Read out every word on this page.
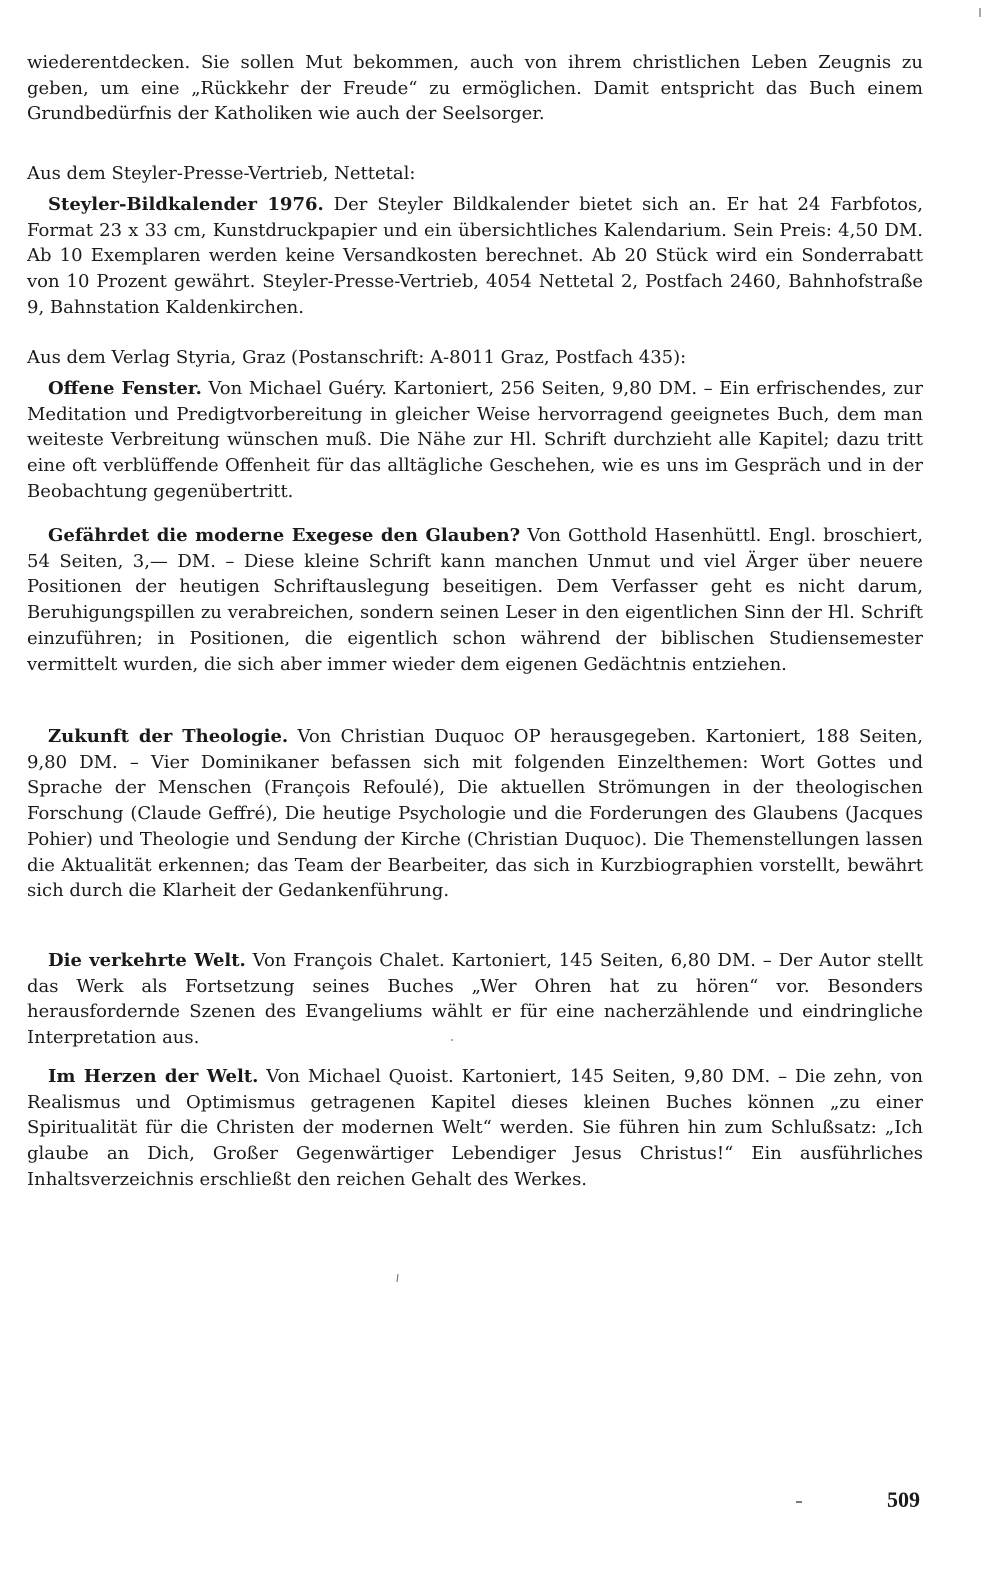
wiederentdecken. Sie sollen Mut bekommen, auch von ihrem christlichen Leben Zeugnis zu geben, um eine „Rückkehr der Freude“ zu ermöglichen. Damit entspricht das Buch einem Grundbedürfnis der Katholiken wie auch der Seelsorger.

Aus dem Steyler-Presse-Vertrieb, Nettetal:

Steyler-Bildkalender 1976. Der Steyler Bildkalender bietet sich an. Er hat 24 Farbfotos, Format 23 x 33 cm, Kunstdruckpapier und ein übersichtliches Kalendarium. Sein Preis: 4,50 DM. Ab 10 Exemplaren werden keine Versandkosten berechnet. Ab 20 Stück wird ein Sonderrabatt von 10 Prozent gewährt. Steyler-Presse-Vertrieb, 4054 Nettetal 2, Postfach 2460, Bahnhofstraße 9, Bahnstation Kaldenkirchen.

Aus dem Verlag Styria, Graz (Postanschrift: A-8011 Graz, Postfach 435):

Offene Fenster. Von Michael Guéry. Kartoniert, 256 Seiten, 9,80 DM. – Ein erfrischendes, zur Meditation und Predigtvorbereitung in gleicher Weise hervorragend geeignetes Buch, dem man weiteste Verbreitung wünschen muß. Die Nähe zur Hl. Schrift durchzieht alle Kapitel; dazu tritt eine oft verblüffende Offenheit für das alltägliche Geschehen, wie es uns im Gespräch und in der Beobachtung gegenübertritt.

Gefährdet die moderne Exegese den Glauben? Von Gotthold Hasenhüttl. Engl. broschiert, 54 Seiten, 3,— DM. – Diese kleine Schrift kann manchen Unmut und viel Ärger über neuere Positionen der heutigen Schriftauslegung beseitigen. Dem Verfasser geht es nicht darum, Beruhigungspillen zu verabreichen, sondern seinen Leser in den eigentlichen Sinn der Hl. Schrift einzuführen; in Positionen, die eigentlich schon während der biblischen Studiensemester vermittelt wurden, die sich aber immer wieder dem eigenen Gedächtnis entziehen.

Zukunft der Theologie. Von Christian Duquoc OP herausgegeben. Kartoniert, 188 Seiten, 9,80 DM. – Vier Dominikaner befassen sich mit folgenden Einzelthemen: Wort Gottes und Sprache der Menschen (François Refoulé), Die aktuellen Strömungen in der theologischen Forschung (Claude Geffré), Die heutige Psychologie und die Forderungen des Glaubens (Jacques Pohier) und Theologie und Sendung der Kirche (Christian Duquoc). Die Themenstellungen lassen die Aktualität erkennen; das Team der Bearbeiter, das sich in Kurzbiographien vorstellt, bewährt sich durch die Klarheit der Gedankenführung.

Die verkehrte Welt. Von François Chalet. Kartoniert, 145 Seiten, 6,80 DM. – Der Autor stellt das Werk als Fortsetzung seines Buches „Wer Ohren hat zu hören“ vor. Besonders herausfordernde Szenen des Evangeliums wählt er für eine nacherzählende und eindringliche Interpretation aus.

Im Herzen der Welt. Von Michael Quoist. Kartoniert, 145 Seiten, 9,80 DM. – Die zehn, von Realismus und Optimismus getragenen Kapitel dieses kleinen Buches können „zu einer Spiritualität für die Christen der modernen Welt“ werden. Sie führen hin zum Schlußsatz: „Ich glaube an Dich, Großer Gegenwärtiger Lebendiger Jesus Christus!“ Ein ausführliches Inhaltsverzeichnis erschließt den reichen Gehalt des Werkes.

509
